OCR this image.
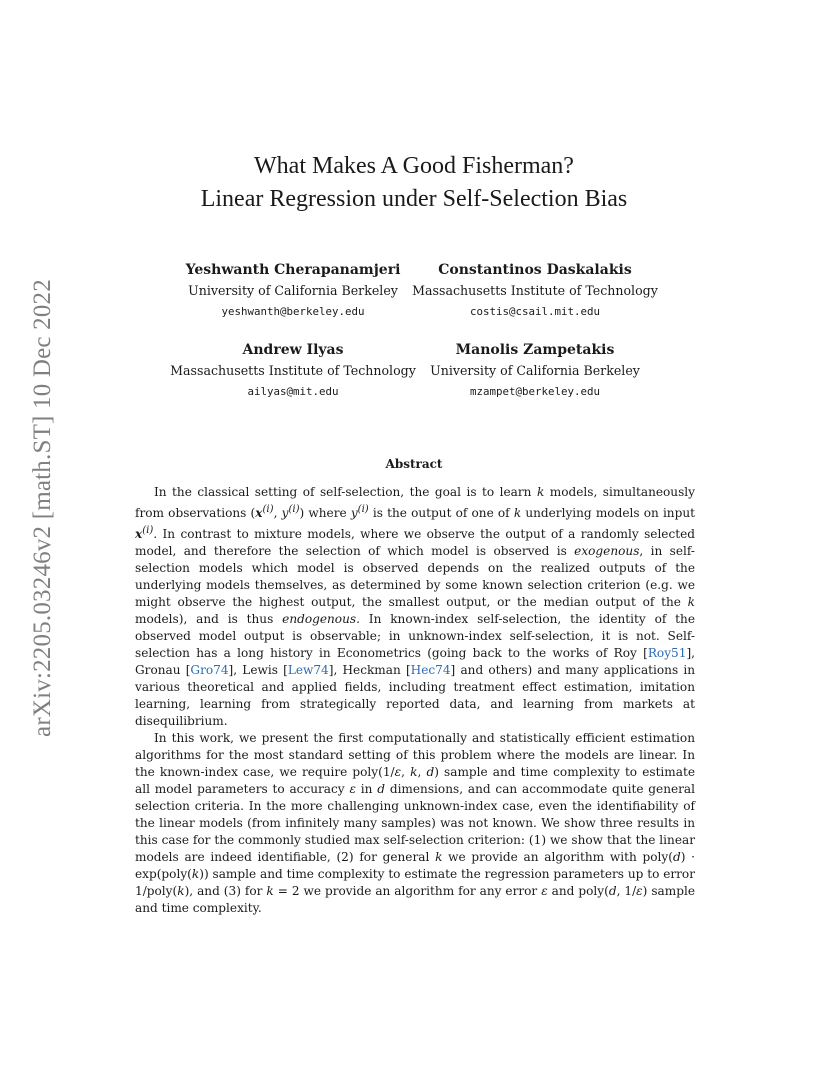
arXiv:2205.03246v2 [math.ST] 10 Dec 2022
What Makes A Good Fisherman?
Linear Regression under Self-Selection Bias
Yeshwanth Cherapanamjeri
University of California Berkeley
yeshwanth@berkeley.edu
Constantinos Daskalakis
Massachusetts Institute of Technology
costis@csail.mit.edu
Andrew Ilyas
Massachusetts Institute of Technology
ailyas@mit.edu
Manolis Zampetakis
University of California Berkeley
mzampet@berkeley.edu
Abstract

In the classical setting of self-selection, the goal is to learn k models, simultaneously from observations ($x^{(i)}$, $y^{(i)}$) where $y^{(i)}$ is the output of one of k underlying models on input $x^{(i)}$. In contrast to mixture models, where we observe the output of a randomly selected model, and therefore the selection of which model is observed is exogenous, in self-selection models which model is observed depends on the realized outputs of the underlying models themselves, as determined by some known selection criterion (e.g. we might observe the highest output, the smallest output, or the median output of the k models), and is thus endogenous. In known-index self-selection, the identity of the observed model output is observable; in unknown-index self-selection, it is not. Self-selection has a long history in Econometrics (going back to the works of Roy [Roy51], Gronau [Gro74], Lewis [Lew74], Heckman [Hec74] and others) and many applications in various theoretical and applied fields, including treatment effect estimation, imitation learning, learning from strategically reported data, and learning from markets at disequilibrium.

In this work, we present the first computationally and statistically efficient estimation algorithms for the most standard setting of this problem where the models are linear. In the known-index case, we require poly(1/ε, k, d) sample and time complexity to estimate all model parameters to accuracy ε in d dimensions, and can accommodate quite general selection criteria. In the more challenging unknown-index case, even the identifiability of the linear models (from infinitely many samples) was not known. We show three results in this case for the commonly studied max self-selection criterion: (1) we show that the linear models are indeed identifiable, (2) for general k we provide an algorithm with poly(d) · exp(poly(k)) sample and time complexity to estimate the regression parameters up to error 1/poly(k), and (3) for k = 2 we provide an algorithm for any error ε and poly(d, 1/ε) sample and time complexity.
